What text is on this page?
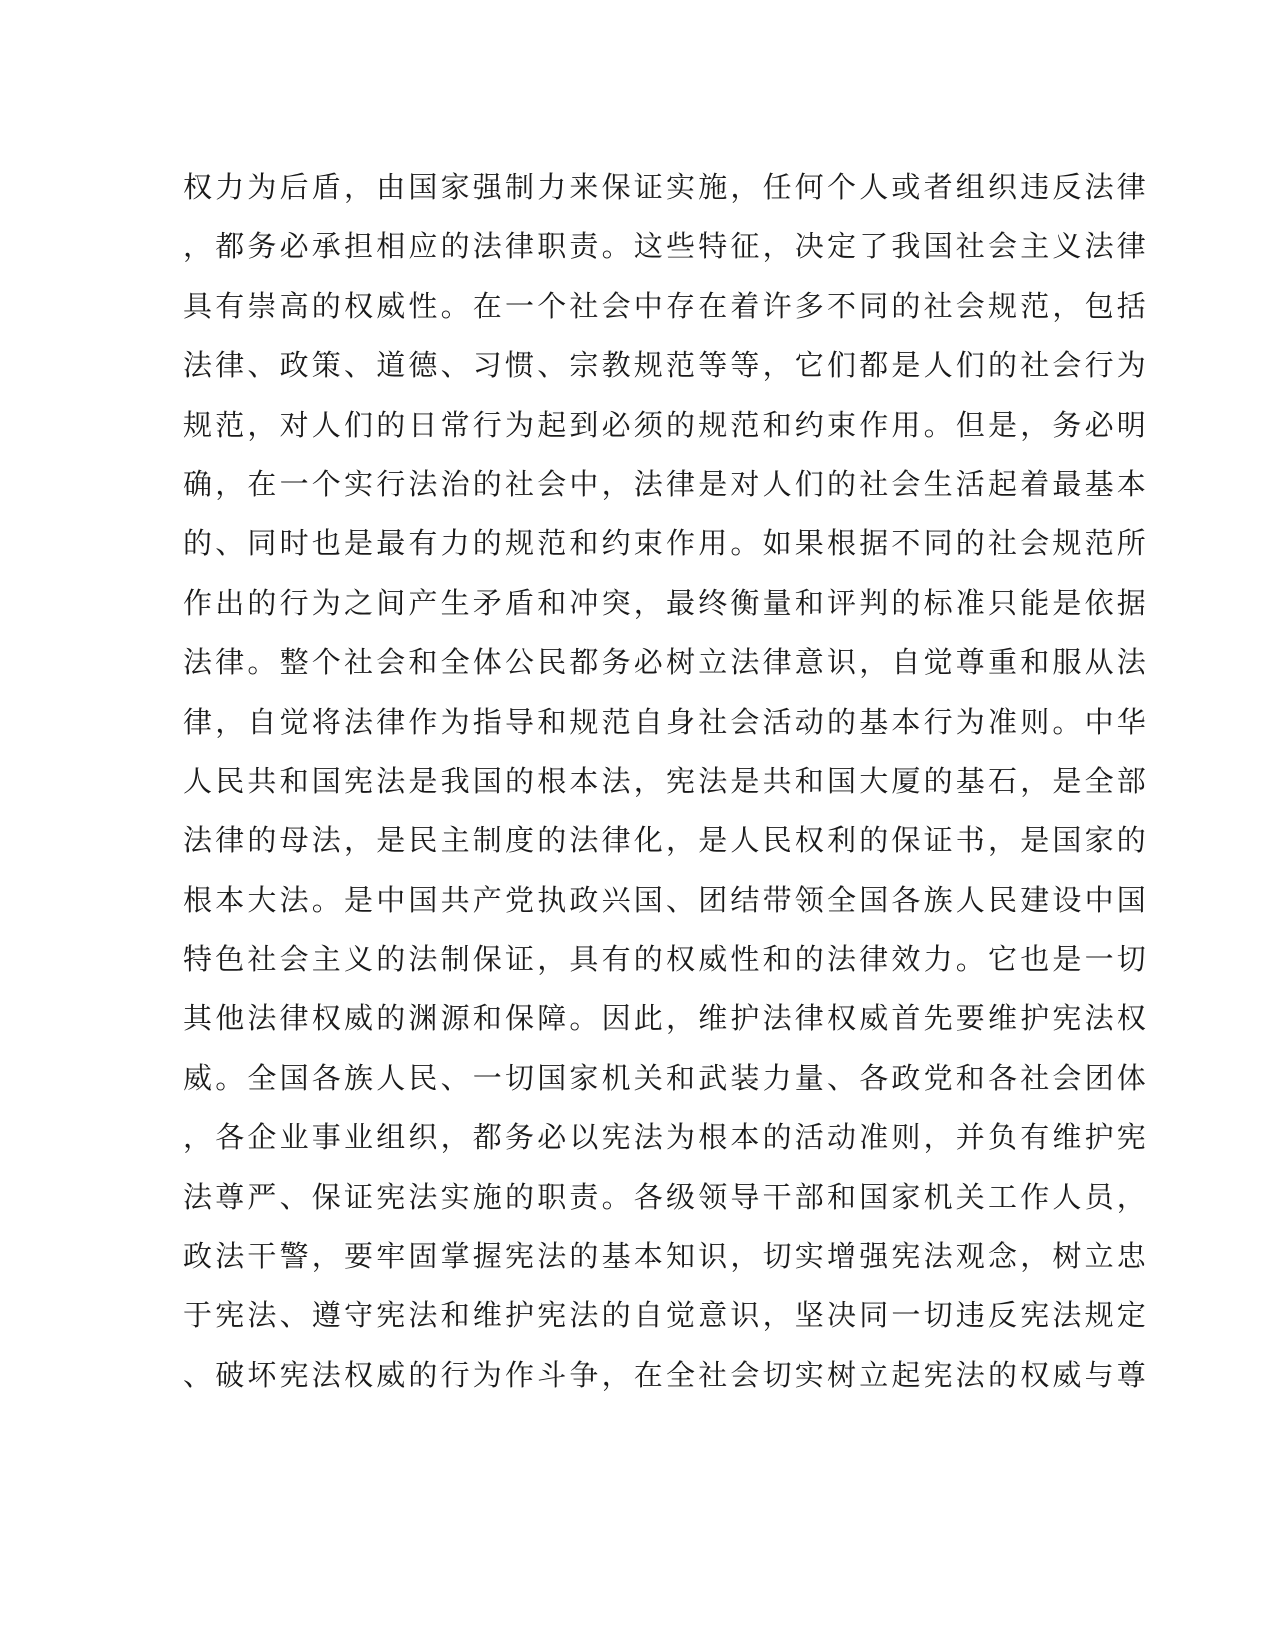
权力为后盾，由国家强制力来保证实施，任何个人或者组织违反法律
，都务必承担相应的法律职责。这些特征，决定了我国社会主义法律
具有崇高的权威性。在一个社会中存在着许多不同的社会规范，包括
法律、政策、道德、习惯、宗教规范等等，它们都是人们的社会行为
规范，对人们的日常行为起到必须的规范和约束作用。但是，务必明
确，在一个实行法治的社会中，法律是对人们的社会生活起着最基本
的、同时也是最有力的规范和约束作用。如果根据不同的社会规范所
作出的行为之间产生矛盾和冲突，最终衡量和评判的标准只能是依据
法律。整个社会和全体公民都务必树立法律意识，自觉尊重和服从法
律，自觉将法律作为指导和规范自身社会活动的基本行为准则。中华
人民共和国宪法是我国的根本法，宪法是共和国大厦的基石，是全部
法律的母法，是民主制度的法律化，是人民权利的保证书，是国家的
根本大法。是中国共产党执政兴国、团结带领全国各族人民建设中国
特色社会主义的法制保证，具有的权威性和的法律效力。它也是一切
其他法律权威的渊源和保障。因此，维护法律权威首先要维护宪法权
威。全国各族人民、一切国家机关和武装力量、各政党和各社会团体
，各企业事业组织，都务必以宪法为根本的活动准则，并负有维护宪
法尊严、保证宪法实施的职责。各级领导干部和国家机关工作人员，
政法干警，要牢固掌握宪法的基本知识，切实增强宪法观念，树立忠
于宪法、遵守宪法和维护宪法的自觉意识，坚决同一切违反宪法规定
、破坏宪法权威的行为作斗争，在全社会切实树立起宪法的权威与尊
